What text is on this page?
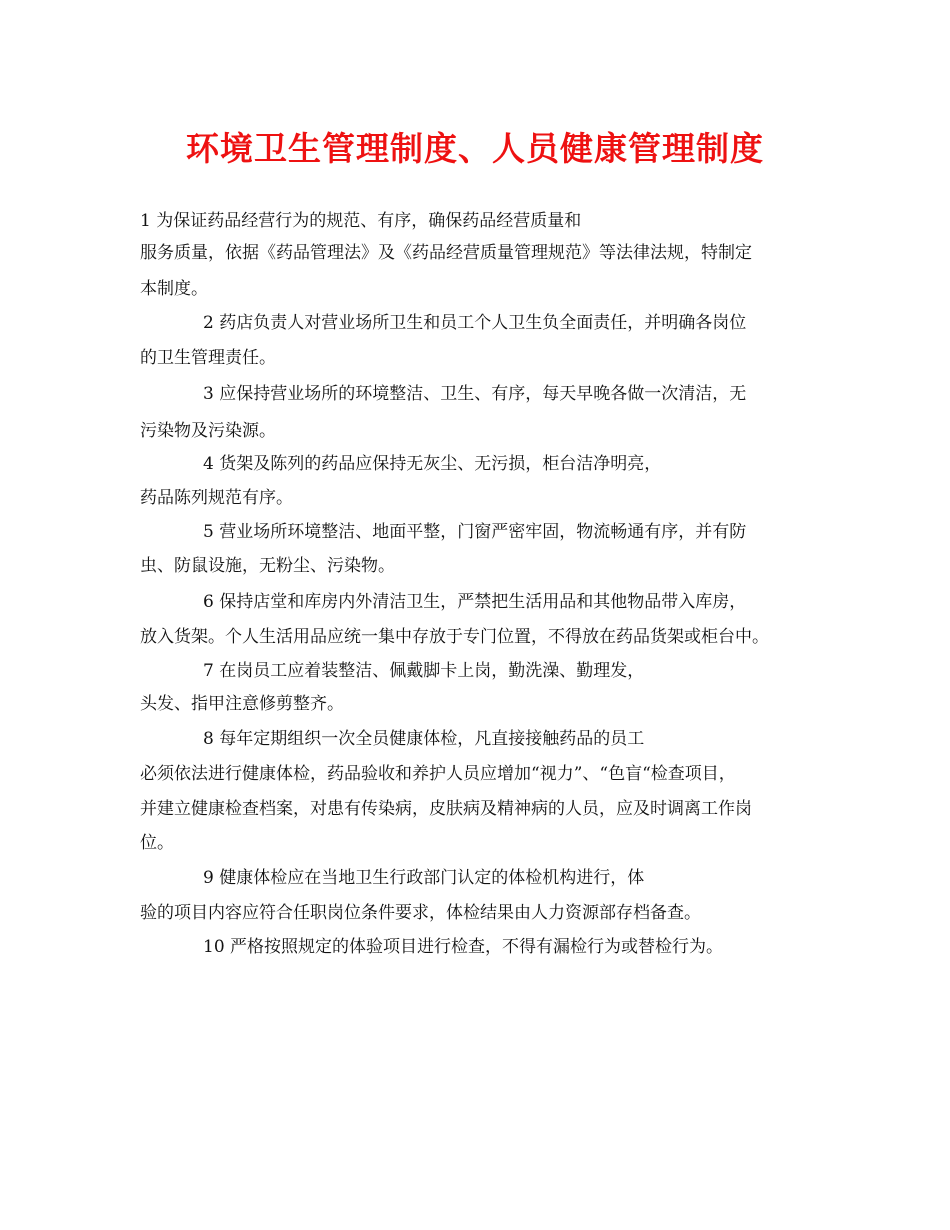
环境卫生管理制度、人员健康管理制度
1 为保证药品经营行为的规范、有序，确保药品经营质量和
服务质量，依据《药品管理法》及《药品经营质量管理规范》等法律法规，特制定
本制度。
2 药店负责人对营业场所卫生和员工个人卫生负全面责任，并明确各岗位
的卫生管理责任。
3 应保持营业场所的环境整洁、卫生、有序，每天早晚各做一次清洁，无
污染物及污染源。
4 货架及陈列的药品应保持无灰尘、无污损，柜台洁净明亮，
药品陈列规范有序。
5 营业场所环境整洁、地面平整，门窗严密牢固，物流畅通有序，并有防
虫、防鼠设施，无粉尘、污染物。
6 保持店堂和库房内外清洁卫生，严禁把生活用品和其他物品带入库房，
放入货架。个人生活用品应统一集中存放于专门位置，不得放在药品货架或柜台中。
7 在岗员工应着装整洁、佩戴脚卡上岗，勤洗澡、勤理发，
头发、指甲注意修剪整齐。
8 每年定期组织一次全员健康体检，凡直接接触药品的员工
必须依法进行健康体检，药品验收和养护人员应增加“视力”、“色盲“检查项目，
并建立健康检查档案，对患有传染病，皮肤病及精神病的人员，应及时调离工作岗
位。
9 健康体检应在当地卫生行政部门认定的体检机构进行，体
验的项目内容应符合任职岗位条件要求，体检结果由人力资源部存档备查。
10 严格按照规定的体验项目进行检查，不得有漏检行为或替检行为。
